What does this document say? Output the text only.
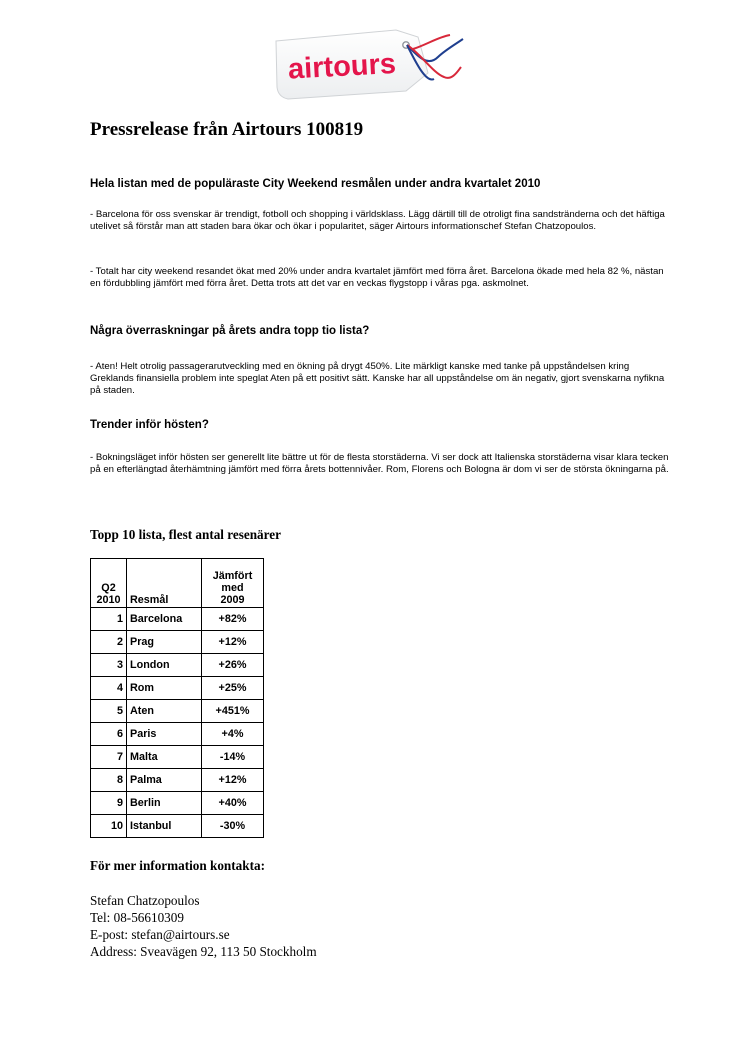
airtours
Pressrelease från Airtours 100819
Hela listan med de populäraste City Weekend resmålen under andra kvartalet 2010

- Barcelona för oss svenskar är trendigt, fotboll och shopping i världsklass. Lägg därtill till de otroligt fina sandstränderna och det häftiga utelivet så förstår man att staden bara ökar och ökar i popularitet, säger Airtours informationschef Stefan Chatzopoulos.

- Totalt har city weekend resandet ökat med 20% under andra kvartalet jämfört med förra året. Barcelona ökade med hela 82 %, nästan en fördubbling jämfört med förra året. Detta trots att det var en veckas flygstopp i våras pga. askmolnet.

Några överraskningar på årets andra topp tio lista?

- Aten! Helt otrolig passagerarutveckling med en ökning på drygt 450%. Lite märkligt kanske med tanke på uppståndelsen kring Greklands finansiella problem inte speglat Aten på ett positivt sätt. Kanske har all uppståndelse om än negativ, gjort svenskarna nyfikna på staden.

Trender inför hösten?

- Bokningsläget inför hösten ser generellt lite bättre ut för de flesta storstäderna. Vi ser dock att Italienska storstäderna visar klara tecken på en efterlängtad återhämtning jämfört med förra årets bottennivåer. Rom, Florens och Bologna är dom vi ser de största ökningarna på.

Topp 10 lista, flest antal resenärer
Q2
2010	Resmål	Jämfört
med
2009
1	Barcelona	+82%
2	Prag	+12%
3	London	+26%
4	Rom	+25%
5	Aten	+451%
6	Paris	+4%
7	Malta	-14%
8	Palma	+12%
9	Berlin	+40%
10	Istanbul	-30%
För mer information kontakta:
Stefan Chatzopoulos
Tel: 08-56610309
E-post: stefan@airtours.se
Address: Sveavägen 92, 113 50 Stockholm
